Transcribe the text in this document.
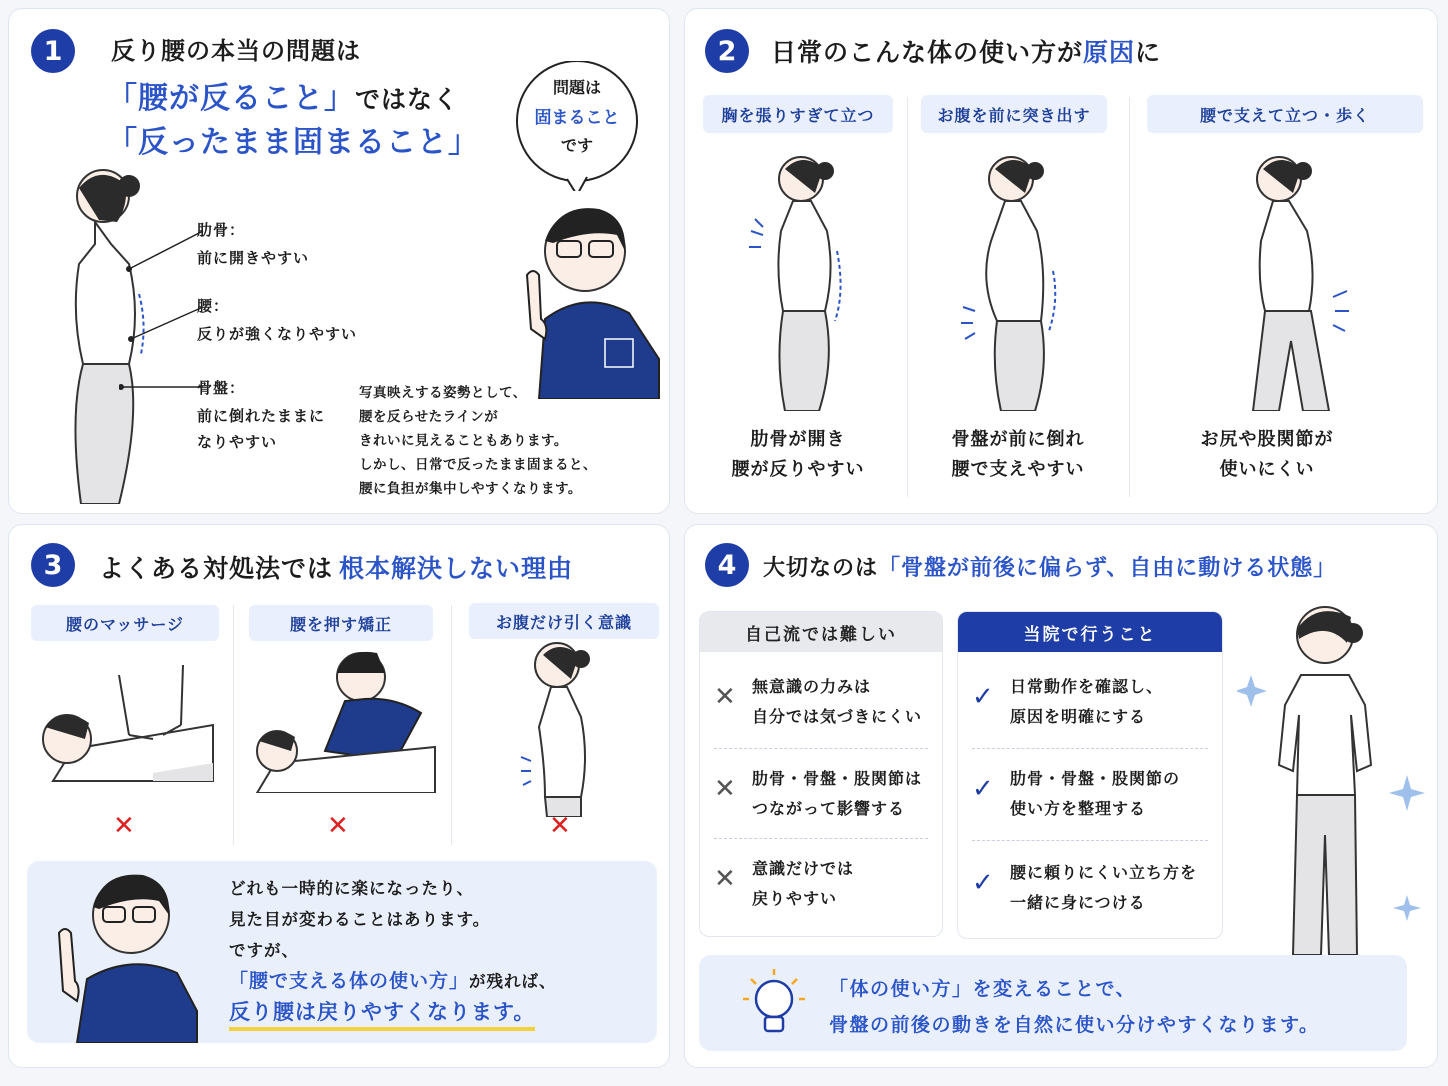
1	反り腰の本当の問題は
「腰が反ること」ではなく
「反ったまま固まること」
問題は
固まること
です
肋骨：
前に開きやすい
腰：
反りが強くなりやすい
骨盤：
前に倒れたままに
なりやすい
写真映えする姿勢として、
腰を反らせたラインが
きれいに見えることもあります。
しかし、日常で反ったまま固まると、
腰に負担が集中しやすくなります。
2	日常のこんな体の使い方が原因に
胸を張りすぎて立つ	お腹を前に突き出す	腰で支えて立つ・歩く
肋骨が開き
腰が反りやすい
骨盤が前に倒れ
腰で支えやすい
お尻や股関節が
使いにくい
3	よくある対処法では 根本解決しない理由
腰のマッサージ	腰を押す矯正	お腹だけ引く意識
✕	✕	✕
どれも一時的に楽になったり、
見た目が変わることはあります。
ですが、
「腰で支える体の使い方」が残れば、
反り腰は戻りやすくなります。
4	大切なのは「骨盤が前後に偏らず、自由に動ける状態」
自己流では難しい
✕ 無意識の力みは
自分では気づきにくい
✕ 肋骨・骨盤・股関節は
つながって影響する
✕ 意識だけでは
戻りやすい
当院で行うこと
✓ 日常動作を確認し、
原因を明確にする
✓ 肋骨・骨盤・股関節の
使い方を整理する
✓ 腰に頼りにくい立ち方を
一緒に身につける
「体の使い方」を変えることで、
骨盤の前後の動きを自然に使い分けやすくなります。
